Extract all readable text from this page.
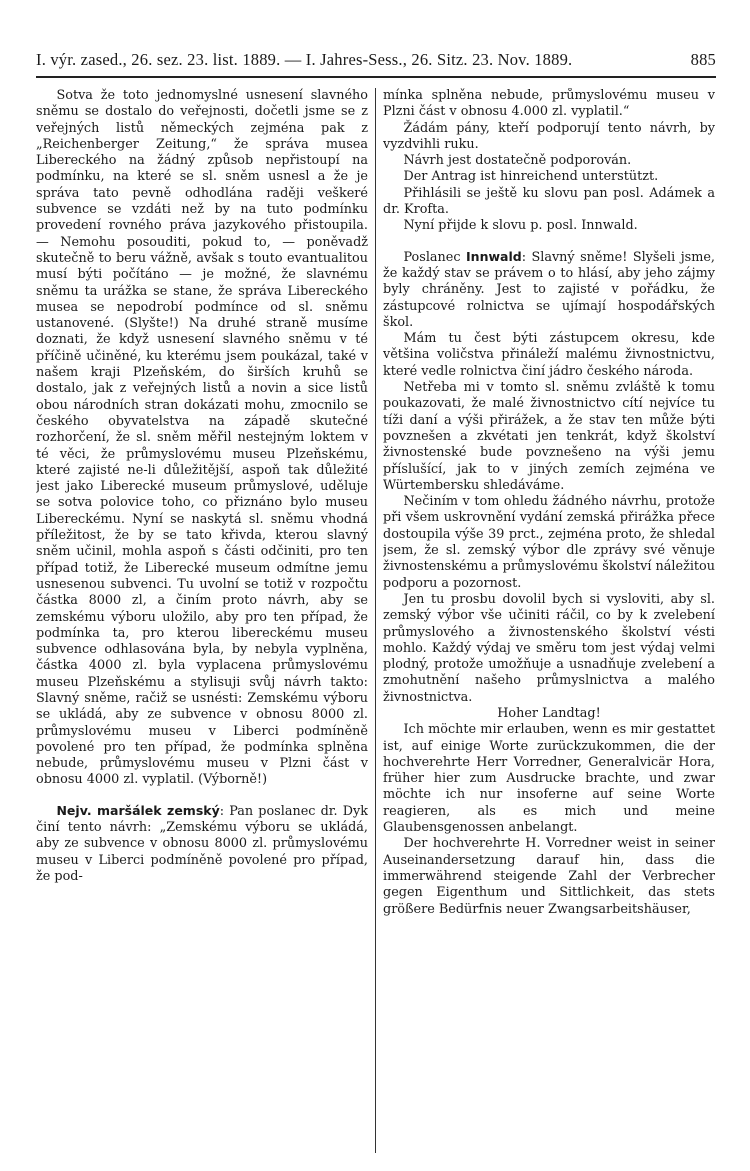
I. výr. zased., 26. sez. 23. list. 1889. — I. Jahres-Sess., 26. Sitz. 23. Nov. 1889.	885

Sotva že toto jednomyslné usnesení slavného sněmu se dostalo do veřejnosti, dočetli jsme se z veřejných listů německých zejména pak z „Reichenberger Zeitung,“ že správa musea Libereckého na žádný způsob nepřistoupí na podmínku, na které se sl. sněm usnesl a že je správa tato pevně odhodlána raději veškeré subvence se vzdáti než by na tuto podmínku provedení rovného práva jazykového přistoupila. — Nemohu posouditi, pokud to, — poněvadž skutečně to beru vážně, avšak s touto evantualitou musí býti počítáno — je možné, že slavnému sněmu ta urážka se stane, že správa Libereckého musea se nepodrobí podmínce od sl. sněmu ustanovené. (Slyšte!) Na druhé straně musíme doznati, že když usnesení slavného sněmu v té příčině učiněné, ku kterému jsem poukázal, také v našem kraji Plzeňském, do širších kruhů se dostalo, jak z veřejných listů a novin a sice listů obou národních stran dokázati mohu, zmocnilo se českého obyvatelstva na západě skutečné rozhorčení, že sl. sněm měřil nestejným loktem v té věci, že průmyslovému museu Plzeňskému, které zajisté ne-li důležitější, aspoň tak důležité jest jako Liberecké museum průmyslové, uděluje se sotva polovice toho, co přiznáno bylo museu Libereckému. Nyní se naskytá sl. sněmu vhodná příležitost, že by se tato křivda, kterou slavný sněm učinil, mohla aspoň s části odčiniti, pro ten případ totiž, že Liberecké museum odmítne jemu usnesenou subvenci. Tu uvolní se totiž v rozpočtu částka 8000 zl, a činím proto návrh, aby se zemskému výboru uložilo, aby pro ten případ, že podmínka ta, pro kterou libereckému museu subvence odhlasována byla, by nebyla vyplněna, částka 4000 zl. byla vyplacena průmyslovému museu Plzeňskému a stylisuji svůj návrh takto: Slavný sněme, račiž se usnésti: Zemskému výboru se ukládá, aby ze subvence v obnosu 8000 zl. průmyslovému museu v Liberci podmíněně povolené pro ten případ, že podmínka splněna nebude, průmyslovému museu v Plzni část v obnosu 4000 zl. vyplatil. (Výborně!)

Nejv. maršálek zemský: Pan poslanec dr. Dyk činí tento návrh: „Zemskému výboru se ukládá, aby ze subvence v obnosu 8000 zl. průmyslovému museu v Liberci podmíněně povolené pro případ, že pod-

mínka splněna nebude, průmyslovému museu v Plzni část v obnosu 4.000 zl. vyplatil.“

Žádám pány, kteří podporují tento návrh, by vyzdvihli ruku.

Návrh jest dostatečně podporován.

Der Antrag ist hinreichend unterstützt.

Přihlásili se ještě ku slovu pan posl. Adámek a dr. Krofta.

Nyní přijde k slovu p. posl. Innwald.

Poslanec Innwald: Slavný sněme! Slyšeli jsme, že každý stav se právem o to hlásí, aby jeho zájmy byly chráněny. Jest to zajisté v pořádku, že zástupcové rolnictva se ujímají hospodářských škol.

Mám tu čest býti zástupcem okresu, kde většina voličstva přináleží malému živnostnictvu, které vedle rolnictva činí jádro českého národa.

Netřeba mi v tomto sl. sněmu zvláště k tomu poukazovati, že malé živnostnictvo cítí nejvíce tu tíži daní a výši přirážek, a že stav ten může býti povznešen a zkvétati jen tenkrát, když školství živnostenské bude povznešeno na výši jemu příslušící, jak to v jiných zemích zejména ve Würtembersku shledáváme.

Nečiním v tom ohledu žádného návrhu, protože při všem uskrovnění vydání zemská přirážka přece dostoupila výše 39 prct., zejména proto, že shledal jsem, že sl. zemský výbor dle zprávy své věnuje živnostenskému a průmyslovému školství náležitou podporu a pozornost.

Jen tu prosbu dovolil bych si vysloviti, aby sl. zemský výbor vše učiniti ráčil, co by k zvelebení průmyslového a živnostenského školství vésti mohlo. Každý výdaj ve směru tom jest výdaj velmi plodný, protože umožňuje a usnadňuje zvelebení a zmohutnění našeho průmyslnictva a malého živnostnictva.

Hoher Landtag!

Ich möchte mir erlauben, wenn es mir gestattet ist, auf einige Worte zurückzukommen, die der hochverehrte Herr Vorredner, Generalvicär Hora, früher hier zum Ausdrucke brachte, und zwar möchte ich nur insoferne auf seine Worte reagieren, als es mich und meine Glaubensgenossen anbelangt.

Der hochverehrte H. Vorredner weist in seiner Auseinandersetzung darauf hin, dass die immerwährend steigende Zahl der Verbrecher gegen Eigenthum und Sittlichkeit, das stets größere Bedürfnis neuer Zwangsarbeitshäuser,
